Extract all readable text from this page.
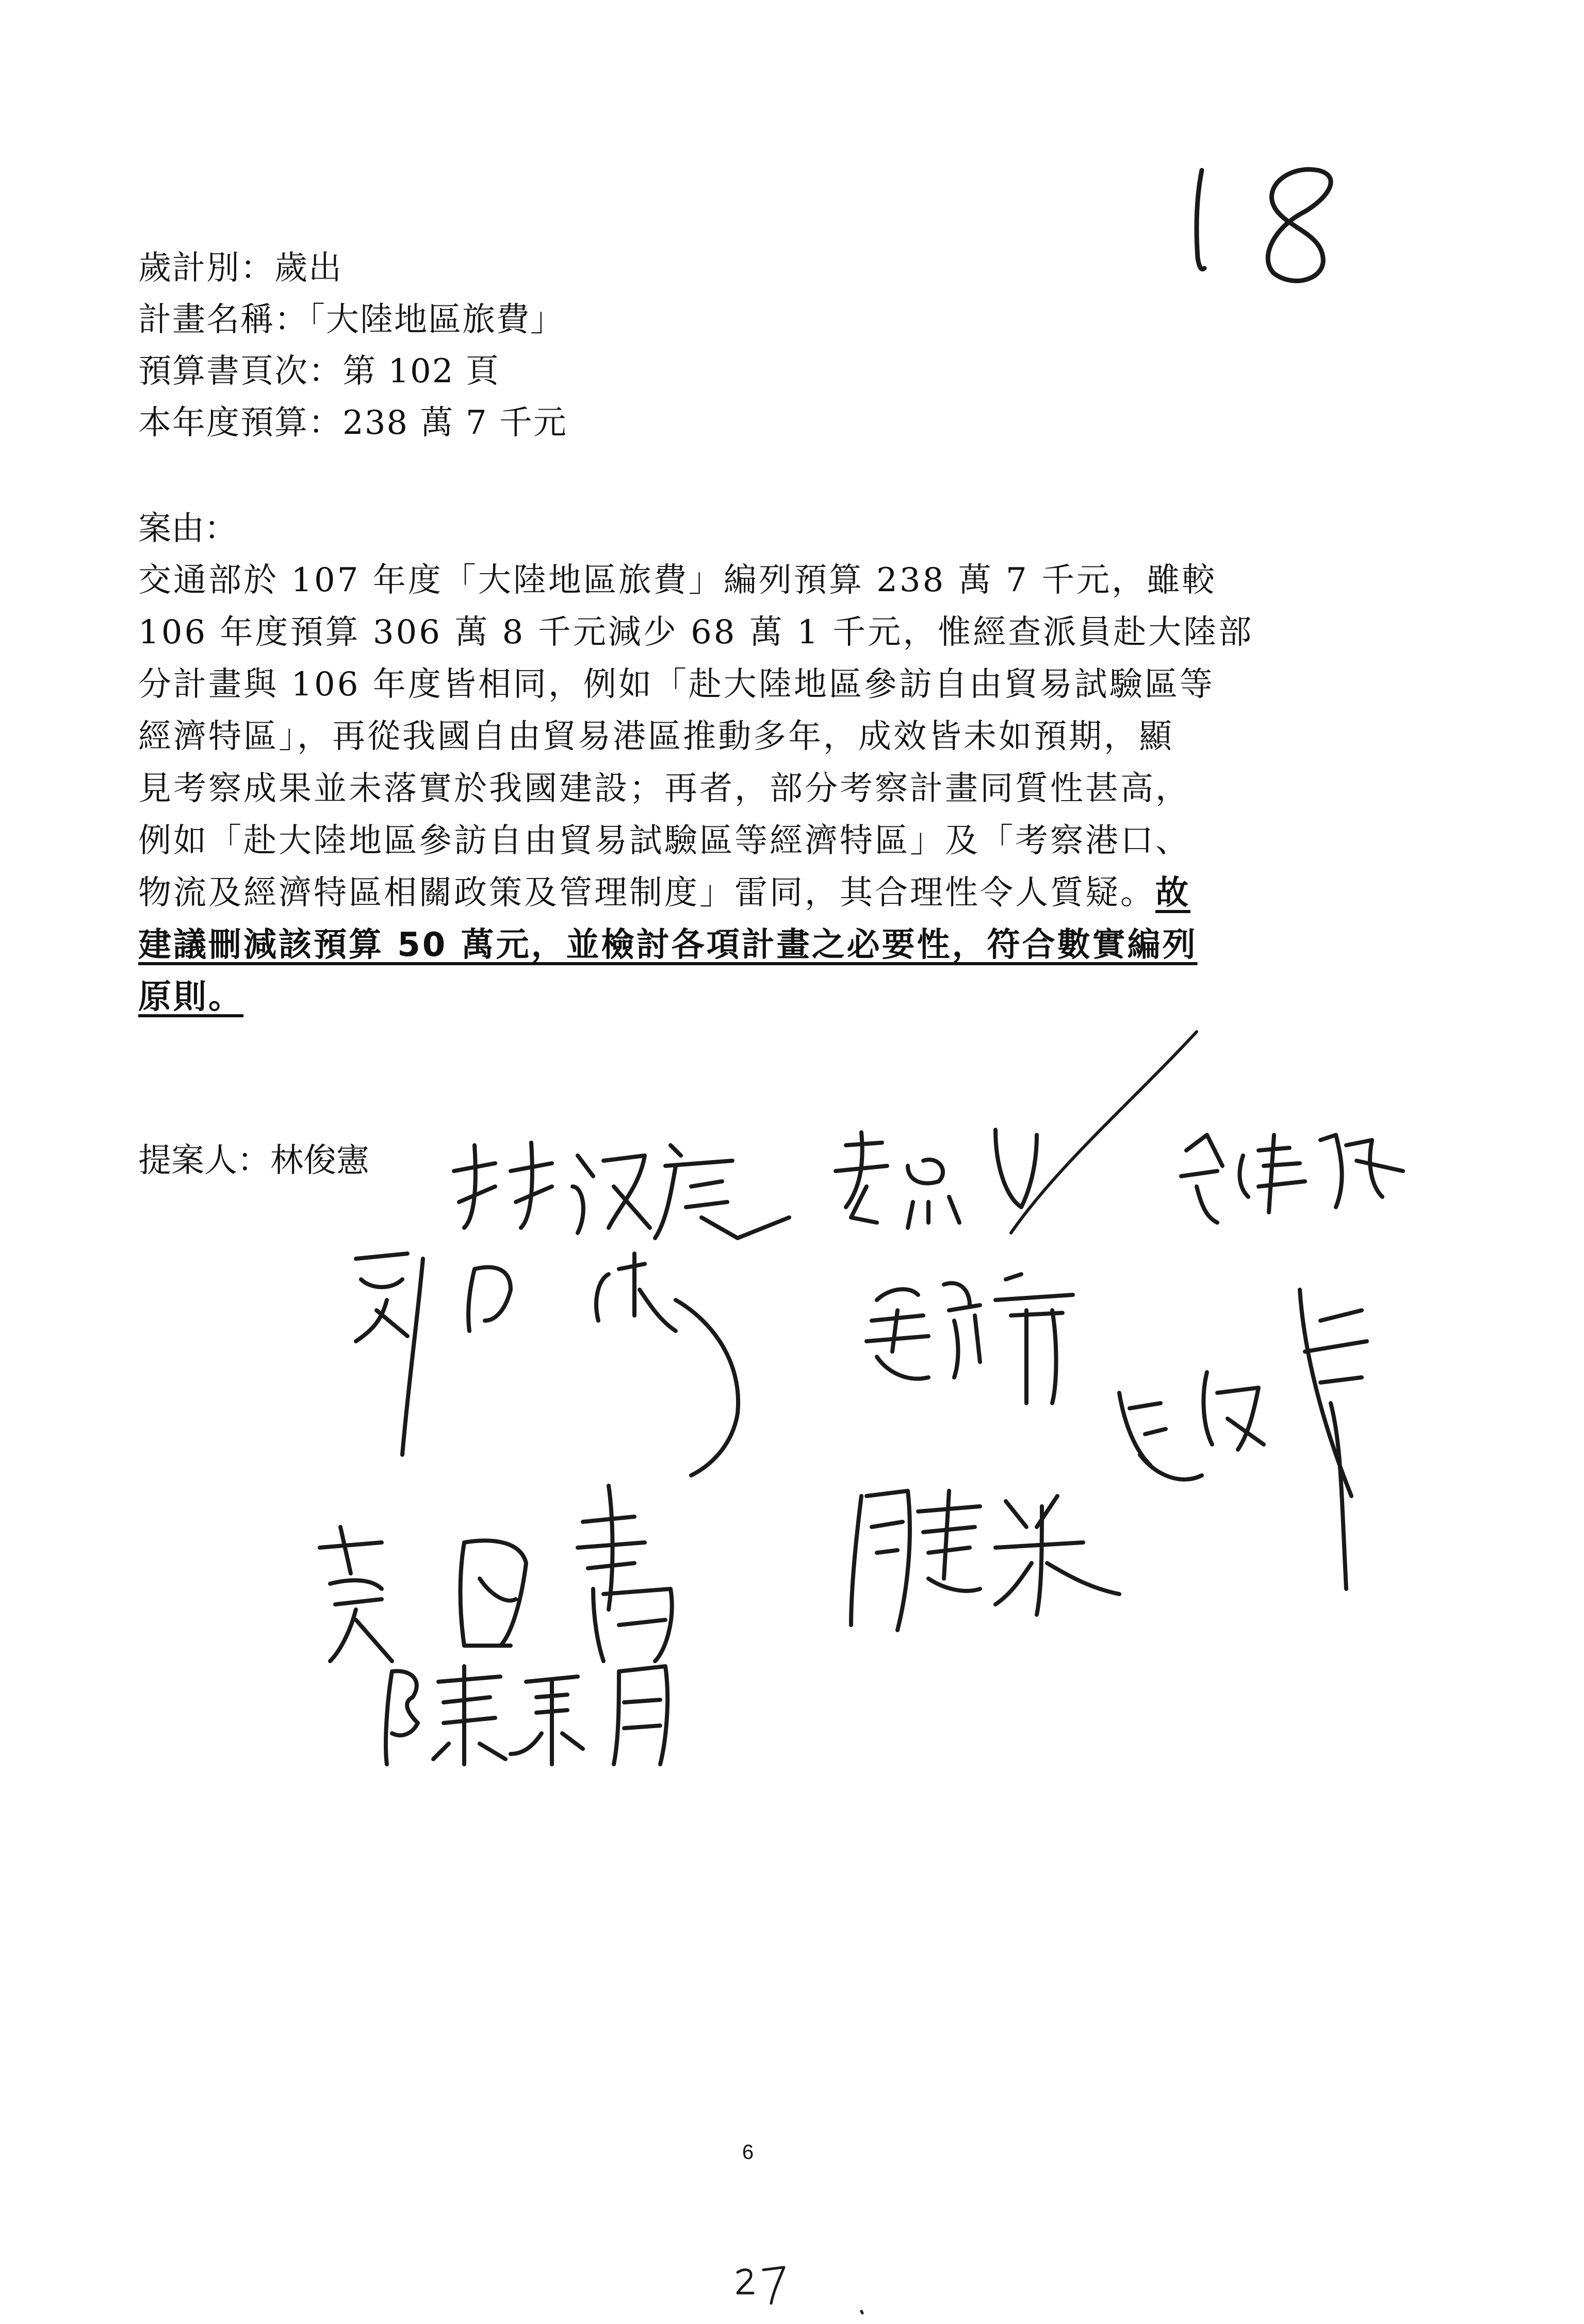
歲計別：歲出
計畫名稱：「大陸地區旅費」
預算書頁次：第 102 頁
本年度預算：238 萬 7 千元
案由：
交通部於 107 年度「大陸地區旅費」編列預算 238 萬 7 千元，雖較
106 年度預算 306 萬 8 千元減少 68 萬 1 千元，惟經查派員赴大陸部
分計畫與 106 年度皆相同，例如「赴大陸地區參訪自由貿易試驗區等
經濟特區」，再從我國自由貿易港區推動多年，成效皆未如預期，顯
見考察成果並未落實於我國建設；再者，部分考察計畫同質性甚高，
例如「赴大陸地區參訪自由貿易試驗區等經濟特區」及「考察港口、
物流及經濟特區相關政策及管理制度」雷同，其合理性令人質疑。故
建議刪減該預算 50 萬元，並檢討各項計畫之必要性，符合數實編列
原則。
提案人：林俊憲
6
